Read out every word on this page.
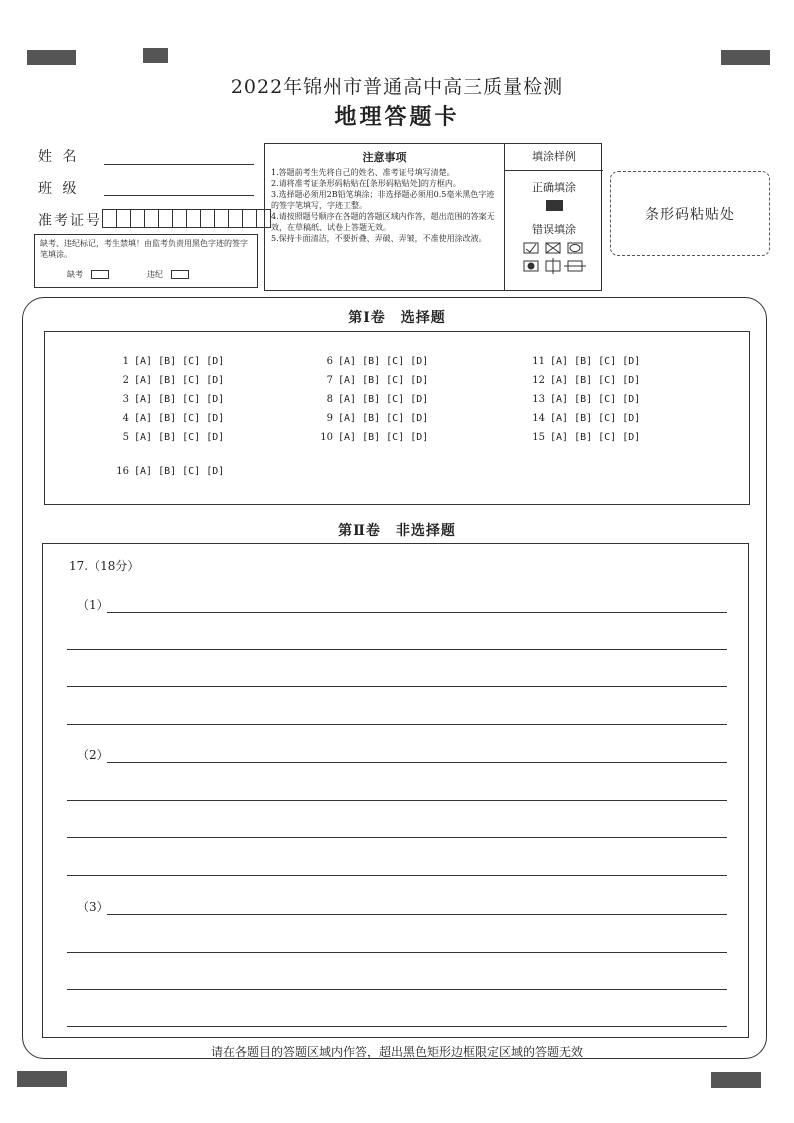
2022年锦州市普通高中高三质量检测
地理答题卡
姓 名
班 级
准考证号
缺考、违纪标记，考生禁填！由监考负责用黑色字迹的签字笔填涂。
缺考	违纪
注意事项
1.答题前考生先将自己的姓名、准考证号填写清楚。
2.请将准考证条形码粘贴在[条形码粘贴处]的方框内。
3.选择题必须用2B铅笔填涂；非选择题必须用0.5毫米黑色字迹的签字笔填写，字迹工整。
4.请按照题号顺序在各题的答题区域内作答，超出范围的答案无效，在草稿纸、试卷上答题无效。
5.保持卡面清洁，不要折叠、弄破、弄皱，不准使用涂改液。
填涂样例
正确填涂
错误填涂
条形码粘贴处
第Ⅰ卷　选择题
1 [A] [B] [C] [D]
2 [A] [B] [C] [D]
3 [A] [B] [C] [D]
4 [A] [B] [C] [D]
5 [A] [B] [C] [D]
16 [A] [B] [C] [D]
6 [A] [B] [C] [D]
7 [A] [B] [C] [D]
8 [A] [B] [C] [D]
9 [A] [B] [C] [D]
10 [A] [B] [C] [D]
11 [A] [B] [C] [D]
12 [A] [B] [C] [D]
13 [A] [B] [C] [D]
14 [A] [B] [C] [D]
15 [A] [B] [C] [D]
第Ⅱ卷　非选择题
17.（18分）
（1）
（2）
（3）
请在各题目的答题区域内作答，超出黑色矩形边框限定区域的答题无效
